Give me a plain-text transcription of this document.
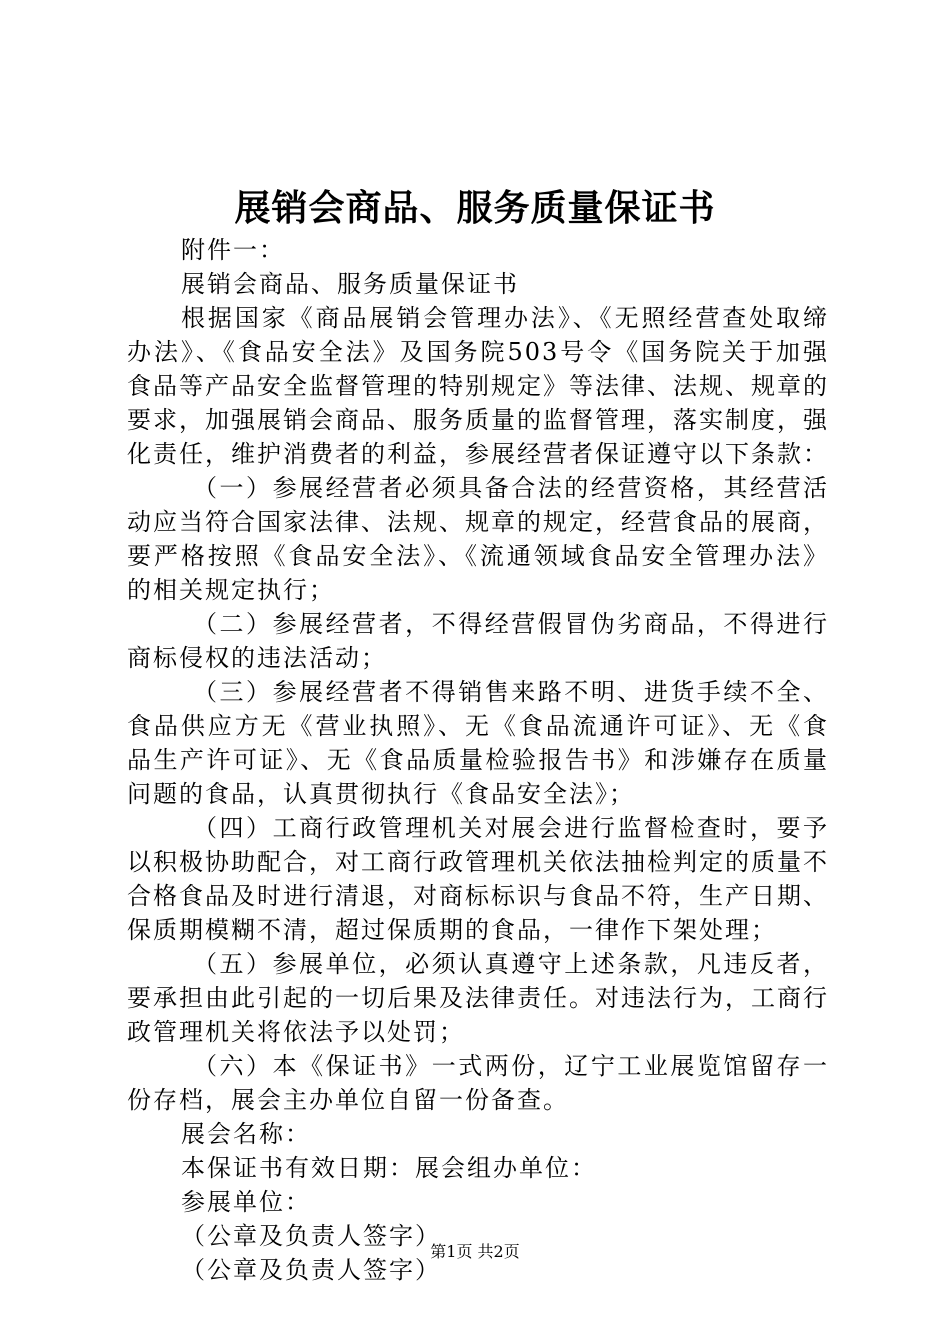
展销会商品、服务质量保证书

附件一：

展销会商品、服务质量保证书

根据国家《商品展销会管理办法》、《无照经营查处取缔办法》、《食品安全法》及国务院503号令《国务院关于加强食品等产品安全监督管理的特别规定》等法律、法规、规章的要求，加强展销会商品、服务质量的监督管理，落实制度，强化责任，维护消费者的利益，参展经营者保证遵守以下条款：

（一）参展经营者必须具备合法的经营资格，其经营活动应当符合国家法律、法规、规章的规定，经营食品的展商，要严格按照《食品安全法》、《流通领域食品安全管理办法》的相关规定执行；

（二）参展经营者，不得经营假冒伪劣商品，不得进行商标侵权的违法活动；

（三）参展经营者不得销售来路不明、进货手续不全、食品供应方无《营业执照》、无《食品流通许可证》、无《食品生产许可证》、无《食品质量检验报告书》和涉嫌存在质量问题的食品，认真贯彻执行《食品安全法》；

（四）工商行政管理机关对展会进行监督检查时，要予以积极协助配合，对工商行政管理机关依法抽检判定的质量不合格食品及时进行清退，对商标标识与食品不符，生产日期、保质期模糊不清，超过保质期的食品，一律作下架处理；

（五）参展单位，必须认真遵守上述条款，凡违反者，要承担由此引起的一切后果及法律责任。对违法行为，工商行政管理机关将依法予以处罚；

（六）本《保证书》一式两份，辽宁工业展览馆留存一份存档，展会主办单位自留一份备查。

展会名称：

本保证书有效日期：展会组办单位：

参展单位：

（公章及负责人签字）

（公章及负责人签字）

第1页 共2页
